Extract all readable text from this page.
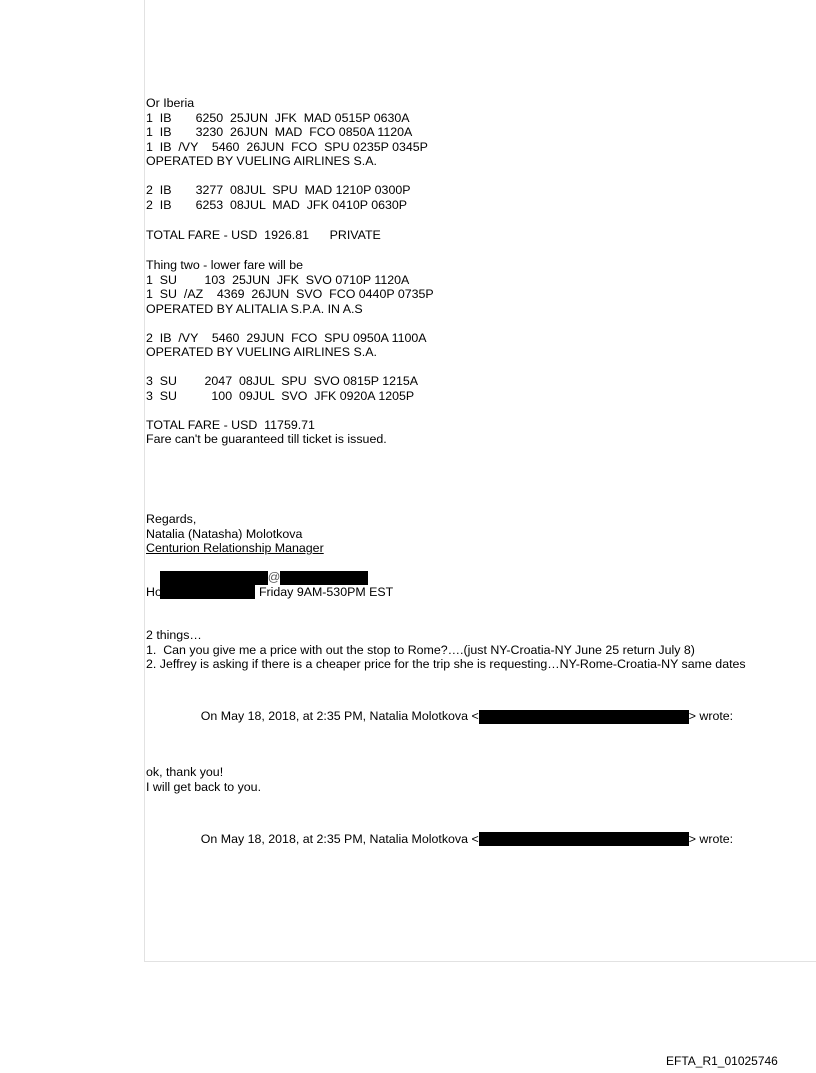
Or Iberia
1  IB       6250  25JUN  JFK  MAD 0515P 0630A
1  IB       3230  26JUN  MAD  FCO 0850A 1120A
1  IB  /VY    5460  26JUN  FCO  SPU 0235P 0345P
OPERATED BY VUELING AIRLINES S.A.
2  IB       3277  08JUL  SPU  MAD 1210P 0300P
2  IB       6253  08JUL  MAD  JFK 0410P 0630P
TOTAL FARE - USD  1926.81      PRIVATE
Thing two - lower fare will be
1  SU        103  25JUN  JFK  SVO 0710P 1120A
1  SU  /AZ    4369  26JUN  SVO  FCO 0440P 0735P
OPERATED BY ALITALIA S.P.A. IN A.S
2  IB  /VY    5460  29JUN  FCO  SPU 0950A 1100A
OPERATED BY VUELING AIRLINES S.A.
3  SU        2047  08JUL  SPU  SVO 0815P 1215A
3  SU          100  09JUL  SVO  JFK 0920A 1205P
TOTAL FARE - USD  11759.71
Fare can't be guaranteed till ticket is issued.
Regards,
Natalia (Natasha) Molotkova
Centurion Relationship Manager

@

Hours: Mon through Friday 9AM-530PM EST
2 things…
1.  Can you give me a price with out the stop to Rome?….(just NY-Croatia-NY June 25 return July 8)
2. Jeffrey is asking if there is a cheaper price for the trip she is requesting…NY-Rome-Croatia-NY same dates

On May 18, 2018, at 2:35 PM, Natalia Molotkova <	> wrote:

ok, thank you!
I will get back to you.

On May 18, 2018, at 2:35 PM, Natalia Molotkova <	> wrote:

EFTA_R1_01025746
